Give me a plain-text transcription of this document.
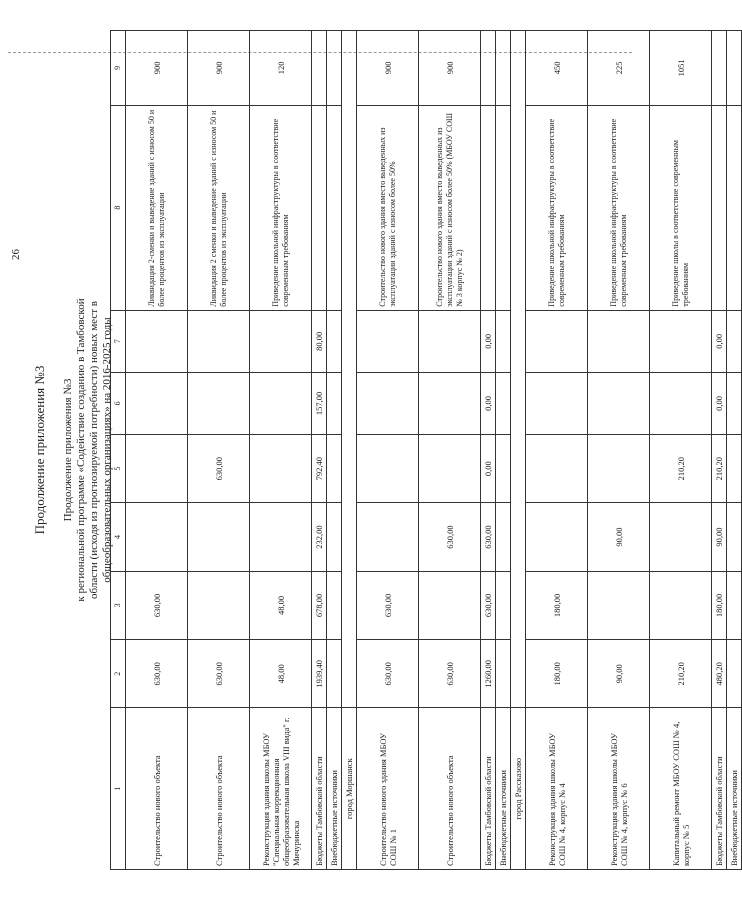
26
Продолжение приложения №3 Продолжение приложения №3 к региональной программе «Содействие созданию в Тамбовской области (исходя из прогнозируемой потребности) новых мест в общеобразовательных организациях» на 2016-2025 годы
1	2	3	4	5	6	7	8	9
Строительство нового объекта	630,00	630,00					Ликвидация 2-сменки и выведение зданий с износом 50 и более процентов из эксплуатации	900
Строительство нового объекта	630,00			630,00			Ликвидация 2 сменки и выведение зданий с износом 50 и более процентов из эксплуатации	900
Реконструкция здания школы МБОУ "Специальная коррекционная общеобразовательная школа VIII вида" г. Мичуринска	48,00	48,00					Приведение школьной инфраструктуры в соответствие современным требованиям	120
Бюджеты Тамбовской области	1939,40	678,00	232,00	792,40	157,00	80,00		
Внебюджетные источники								
город Моршанск								
Строительство нового здания МБОУ СОШ № 1	630,00	630,00					Строительство нового здания вместо выведенных из эксплуатации зданий с износом более 50%	900
Строительство нового объекта	630,00		630,00				Строительство нового здания вместо выведенных из эксплуатации зданий с износом более 50% (МБОУ СОШ № 3 корпус № 2)	900
Бюджеты Тамбовской области	1260,00	630,00	630,00	0,00	0,00	0,00		
Внебюджетные источники								
город Рассказово								
Реконструкция здания школы МБОУ СОШ № 4, корпус № 4	180,00	180,00					Приведение школьной инфраструктуры в соответствие современным требованиям	450
Реконструкция здания школы МБОУ СОШ № 4, корпус № 6	90,00		90,00				Приведение школьной инфраструктуры в соответствие современным требованиям	225
Капитальный ремонт МБОУ СОШ № 4, корпус № 5	210,20			210,20			Приведение школы в соответствие современным требованиям	1051
Бюджеты Тамбовской области	480,20	180,00	90,00	210,20	0,00	0,00		
Внебюджетные источники								
